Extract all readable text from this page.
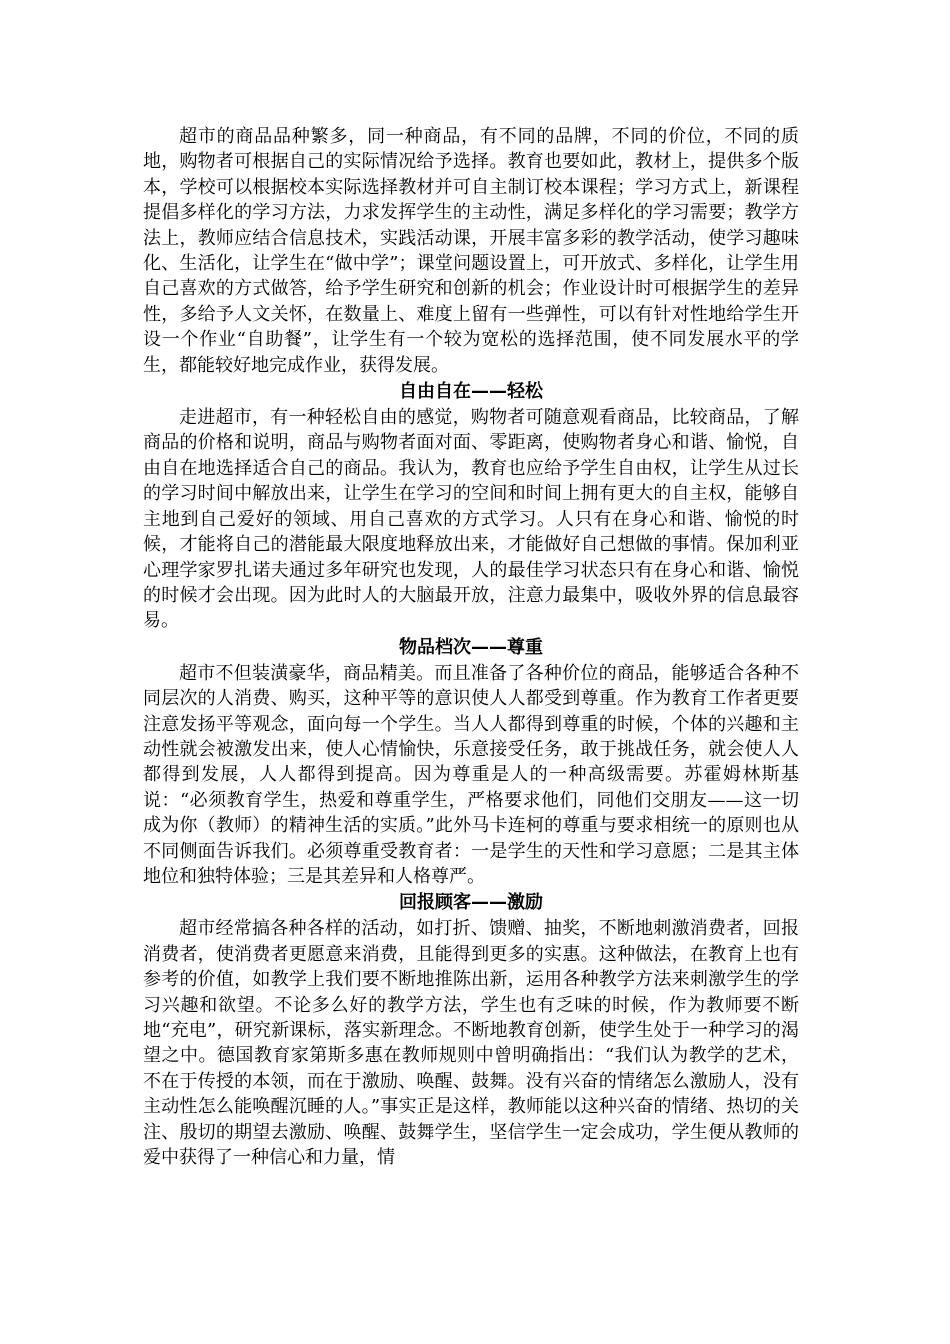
超市的商品品种繁多，同一种商品，有不同的品牌，不同的价位，不同的质地，购物者可根据自己的实际情况给予选择。教育也要如此，教材上，提供多个版本，学校可以根据校本实际选择教材并可自主制订校本课程；学习方式上，新课程提倡多样化的学习方法，力求发挥学生的主动性，满足多样化的学习需要；教学方法上，教师应结合信息技术，实践活动课，开展丰富多彩的教学活动，使学习趣味化、生活化，让学生在“做中学”；课堂问题设置上，可开放式、多样化，让学生用自己喜欢的方式做答，给予学生研究和创新的机会；作业设计时可根据学生的差异性，多给予人文关怀，在数量上、难度上留有一些弹性，可以有针对性地给学生开设一个作业“自助餐”，让学生有一个较为宽松的选择范围，使不同发展水平的学生，都能较好地完成作业，获得发展。

自由自在——轻松

走进超市，有一种轻松自由的感觉，购物者可随意观看商品，比较商品，了解商品的价格和说明，商品与购物者面对面、零距离，使购物者身心和谐、愉悦，自由自在地选择适合自己的商品。我认为，教育也应给予学生自由权，让学生从过长的学习时间中解放出来，让学生在学习的空间和时间上拥有更大的自主权，能够自主地到自己爱好的领域、用自己喜欢的方式学习。人只有在身心和谐、愉悦的时候，才能将自己的潜能最大限度地释放出来，才能做好自己想做的事情。保加利亚心理学家罗扎诺夫通过多年研究也发现，人的最佳学习状态只有在身心和谐、愉悦的时候才会出现。因为此时人的大脑最开放，注意力最集中，吸收外界的信息最容易。

物品档次——尊重

超市不但装潢豪华，商品精美。而且准备了各种价位的商品，能够适合各种不同层次的人消费、购买，这种平等的意识使人人都受到尊重。作为教育工作者更要注意发扬平等观念，面向每一个学生。当人人都得到尊重的时候，个体的兴趣和主动性就会被激发出来，使人心情愉快，乐意接受任务，敢于挑战任务，就会使人人都得到发展，人人都得到提高。因为尊重是人的一种高级需要。苏霍姆林斯基说：“必须教育学生，热爱和尊重学生，严格要求他们，同他们交朋友——这一切成为你（教师）的精神生活的实质。”此外马卡连柯的尊重与要求相统一的原则也从不同侧面告诉我们。必须尊重受教育者：一是学生的天性和学习意愿；二是其主体地位和独特体验；三是其差异和人格尊严。

回报顾客——激励

超市经常搞各种各样的活动，如打折、馈赠、抽奖，不断地刺激消费者，回报消费者，使消费者更愿意来消费，且能得到更多的实惠。这种做法，在教育上也有参考的价值，如教学上我们要不断地推陈出新，运用各种教学方法来刺激学生的学习兴趣和欲望。不论多么好的教学方法，学生也有乏味的时候，作为教师要不断地“充电”，研究新课标，落实新理念。不断地教育创新，使学生处于一种学习的渴望之中。德国教育家第斯多惠在教师规则中曾明确指出：“我们认为教学的艺术，不在于传授的本领，而在于激励、唤醒、鼓舞。没有兴奋的情绪怎么激励人，没有主动性怎么能唤醒沉睡的人。”事实正是这样，教师能以这种兴奋的情绪、热切的关注、殷切的期望去激励、唤醒、鼓舞学生，坚信学生一定会成功，学生便从教师的爱中获得了一种信心和力量，情
